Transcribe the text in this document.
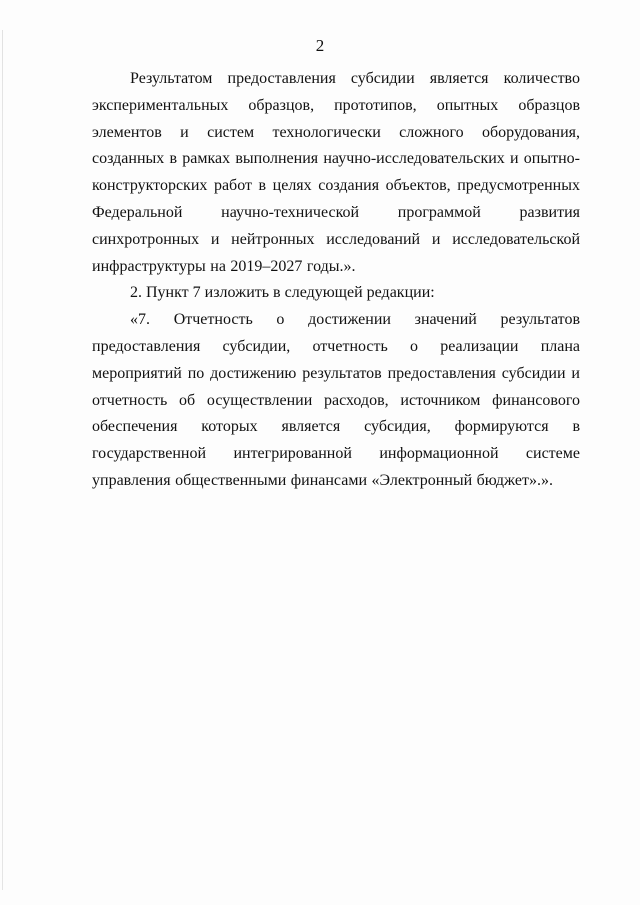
2

Результатом предоставления субсидии является количество экспериментальных образцов, прототипов, опытных образцов элементов и систем технологически сложного оборудования, созданных в рамках выполнения научно-исследовательских и опытно-конструкторских работ в целях создания объектов, предусмотренных Федеральной научно-технической программой развития синхротронных и нейтронных исследований и исследовательской инфраструктуры на 2019–2027 годы.».

2. Пункт 7 изложить в следующей редакции:

«7. Отчетность о достижении значений результатов предоставления субсидии, отчетность о реализации плана мероприятий по достижению результатов предоставления субсидии и отчетность об осуществлении расходов, источником финансового обеспечения которых является субсидия, формируются в государственной интегрированной информационной системе управления общественными финансами «Электронный бюджет».».
